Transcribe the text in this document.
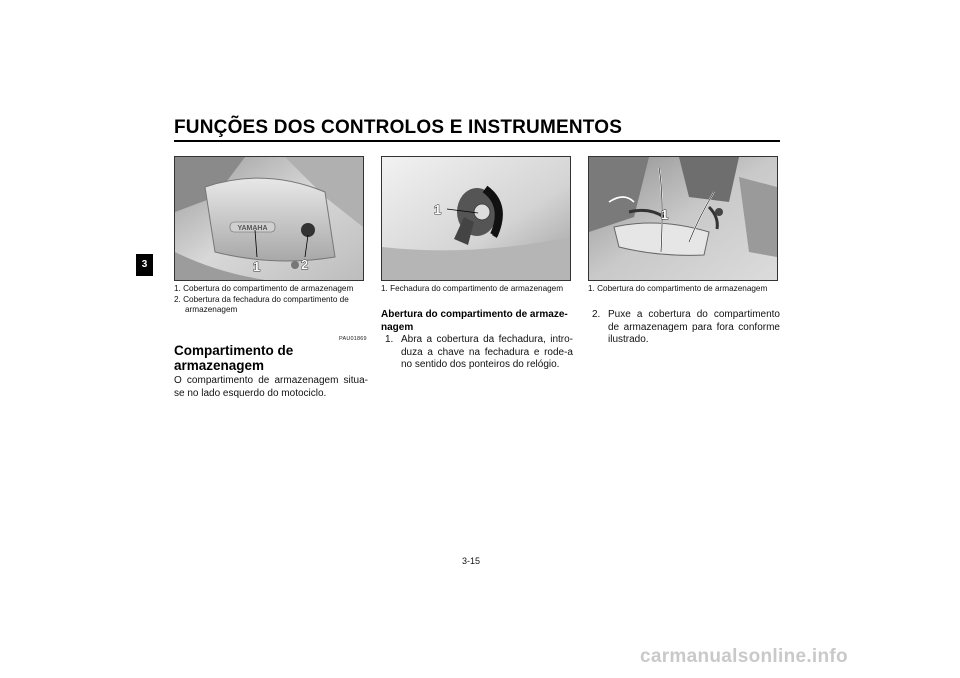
FUNÇÕES DOS CONTROLOS E INSTRUMENTOS
3
YAMAHA
1	2
1. Cobertura do compartimento de armazenagem
2. Cobertura da fechadura do compartimento de armazenagem
PAU01869
Compartimento de armazenagem
O compartimento de armazenagem situa-se no lado esquerdo do motociclo.
1
1. Fechadura do compartimento de armazenagem
Abertura do compartimento de armaze-nagem
1. Abra a cobertura da fechadura, intro-duza a chave na fechadura e rode-a no sentido dos ponteiros do relógio.
1
1. Cobertura do compartimento de armazenagem
2. Puxe a cobertura do compartimento de armazenagem para fora conforme ilustrado.
3-15
carmanualsonline.info
